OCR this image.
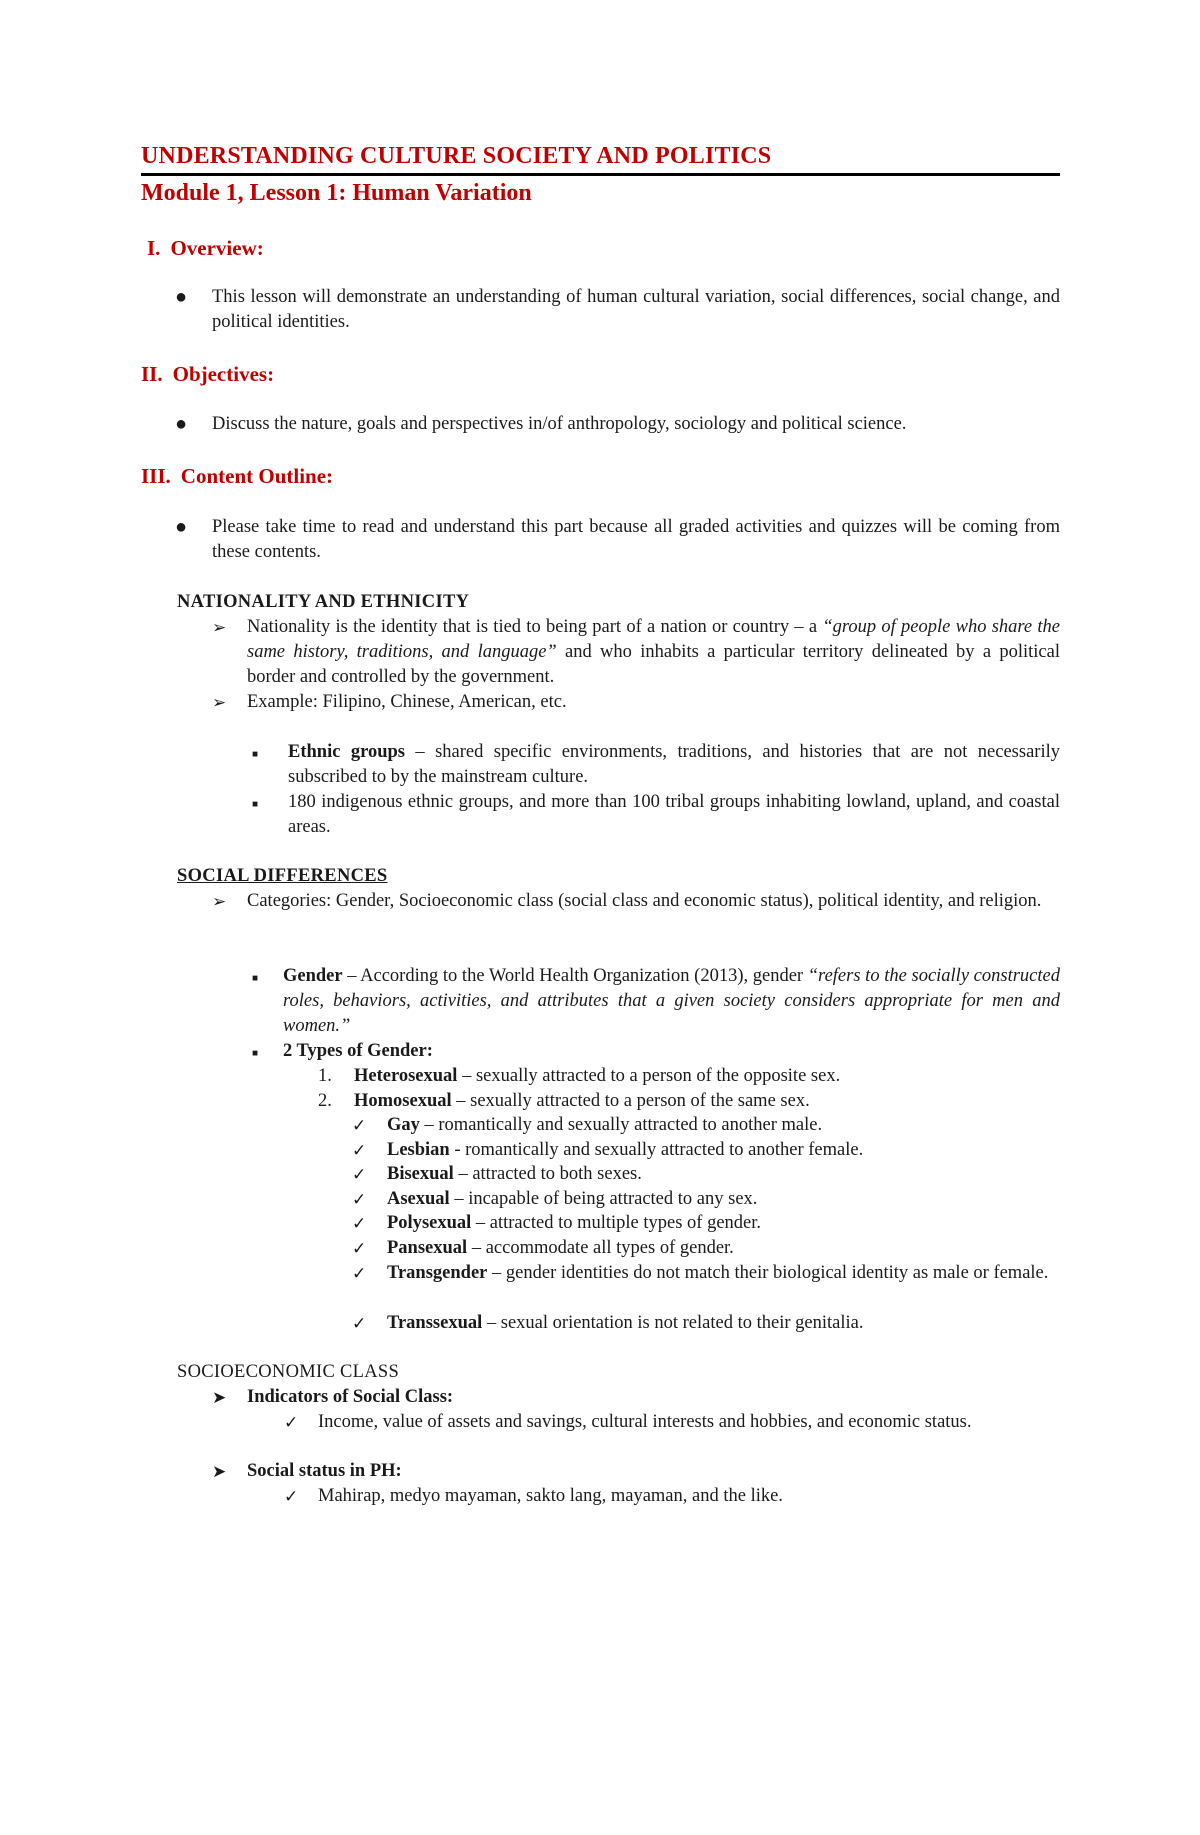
UNDERSTANDING CULTURE SOCIETY AND POLITICS
Module 1, Lesson 1: Human Variation
I. Overview:
● This lesson will demonstrate an understanding of human cultural variation, social differences, social change, and political identities.
II. Objectives:
● Discuss the nature, goals and perspectives in/of anthropology, sociology and political science.
III. Content Outline:
● Please take time to read and understand this part because all graded activities and quizzes will be coming from these contents.
NATIONALITY AND ETHNICITY
➢ Nationality is the identity that is tied to being part of a nation or country – a “group of people who share the same history, traditions, and language” and who inhabits a particular territory delineated by a political border and controlled by the government.
➢ Example: Filipino, Chinese, American, etc.
■ Ethnic groups – shared specific environments, traditions, and histories that are not necessarily subscribed to by the mainstream culture.
■ 180 indigenous ethnic groups, and more than 100 tribal groups inhabiting lowland, upland, and coastal areas.
SOCIAL DIFFERENCES
➢ Categories: Gender, Socioeconomic class (social class and economic status), political identity, and religion.
■ Gender – According to the World Health Organization (2013), gender “refers to the socially constructed roles, behaviors, activities, and attributes that a given society considers appropriate for men and women.”
■ 2 Types of Gender:
1.	Heterosexual – sexually attracted to a person of the opposite sex.
2.	Homosexual – sexually attracted to a person of the same sex.
✓ Gay – romantically and sexually attracted to another male.
✓ Lesbian - romantically and sexually attracted to another female.
✓ Bisexual – attracted to both sexes.
✓ Asexual – incapable of being attracted to any sex.
✓ Polysexual – attracted to multiple types of gender.
✓ Pansexual – accommodate all types of gender.
✓ Transgender – gender identities do not match their biological identity as male or female.
✓ Transsexual – sexual orientation is not related to their genitalia.
SOCIOECONOMIC CLASS
➤ Indicators of Social Class:
✓ Income, value of assets and savings, cultural interests and hobbies, and economic status.
➤ Social status in PH:
✓ Mahirap, medyo mayaman, sakto lang, mayaman, and the like.
